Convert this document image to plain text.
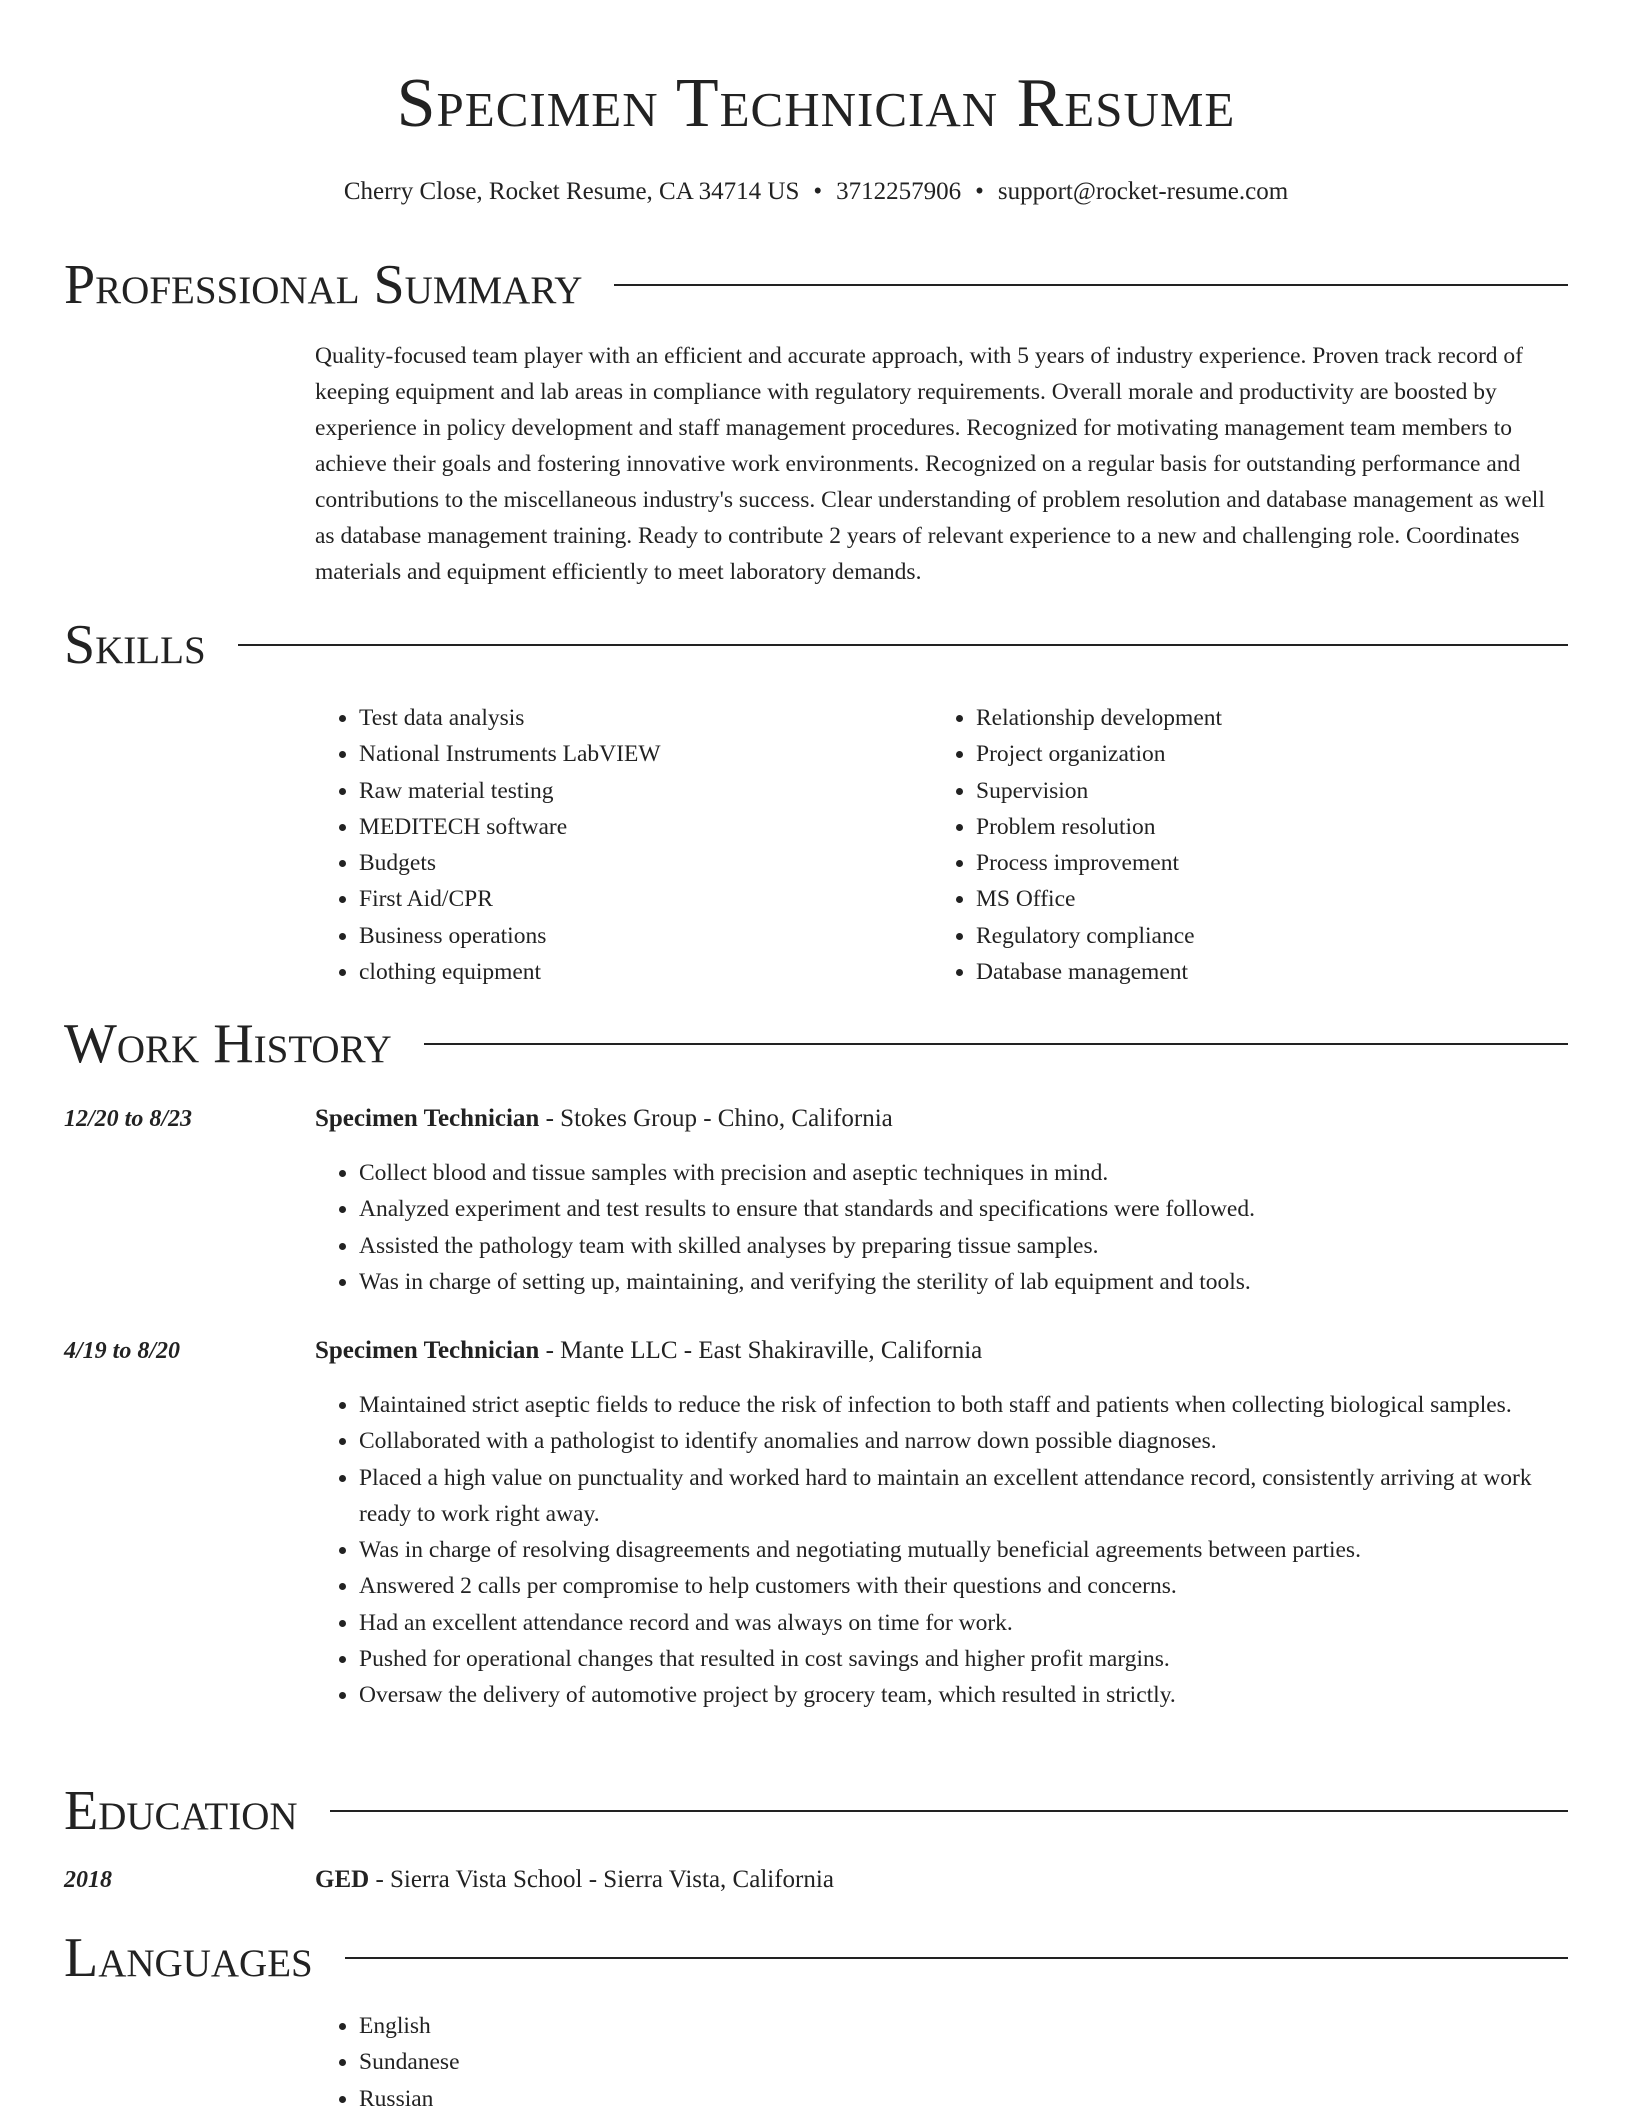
Specimen Technician Resume
Cherry Close, Rocket Resume, CA 34714 US • 3712257906 • support@rocket-resume.com
Professional Summary

Quality-focused team player with an efficient and accurate approach, with 5 years of industry experience. Proven track record of keeping equipment and lab areas in compliance with regulatory requirements. Overall morale and productivity are boosted by experience in policy development and staff management procedures. Recognized for motivating management team members to achieve their goals and fostering innovative work environments. Recognized on a regular basis for outstanding performance and contributions to the miscellaneous industry's success. Clear understanding of problem resolution and database management as well as database management training. Ready to contribute 2 years of relevant experience to a new and challenging role. Coordinates materials and equipment efficiently to meet laboratory demands.

Skills
• Test data analysis
• National Instruments LabVIEW
• Raw material testing
• MEDITECH software
• Budgets
• First Aid/CPR
• Business operations
• clothing equipment
• Relationship development
• Project organization
• Supervision
• Problem resolution
• Process improvement
• MS Office
• Regulatory compliance
• Database management
Work History
12/20 to 8/23	Specimen Technician - Stokes Group - Chino, California
• Collect blood and tissue samples with precision and aseptic techniques in mind.
• Analyzed experiment and test results to ensure that standards and specifications were followed.
• Assisted the pathology team with skilled analyses by preparing tissue samples.
• Was in charge of setting up, maintaining, and verifying the sterility of lab equipment and tools.
4/19 to 8/20	Specimen Technician - Mante LLC - East Shakiraville, California
• Maintained strict aseptic fields to reduce the risk of infection to both staff and patients when collecting biological samples.
• Collaborated with a pathologist to identify anomalies and narrow down possible diagnoses.
• Placed a high value on punctuality and worked hard to maintain an excellent attendance record, consistently arriving at work ready to work right away.
• Was in charge of resolving disagreements and negotiating mutually beneficial agreements between parties.
• Answered 2 calls per compromise to help customers with their questions and concerns.
• Had an excellent attendance record and was always on time for work.
• Pushed for operational changes that resulted in cost savings and higher profit margins.
• Oversaw the delivery of automotive project by grocery team, which resulted in strictly.
Education
2018	GED - Sierra Vista School - Sierra Vista, California
Languages
• English
• Sundanese
• Russian
